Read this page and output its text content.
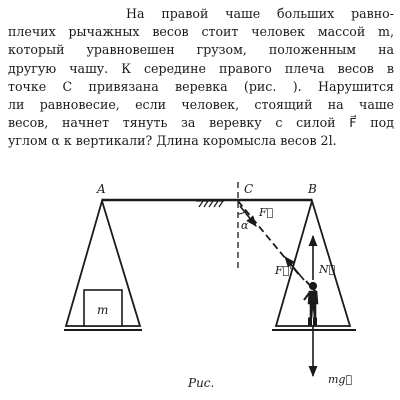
На правой чаше больших равно-
плечих рычажных весов стоит человек массой m,
который уравновешен грузом, положенным на
другую чашу. К середине правого плеча весов в
точке C привязана веревка (рис. ). Нарушится
ли равновесие, если человек, стоящий на чаше
весов, начнет тянуть за веревку с силой F⃗ под
углом α к вертикали? Длина коромысла весов 2l.
A	C	B
m
α
F⃗
F⃗' N⃗
mg⃗
Рис.
